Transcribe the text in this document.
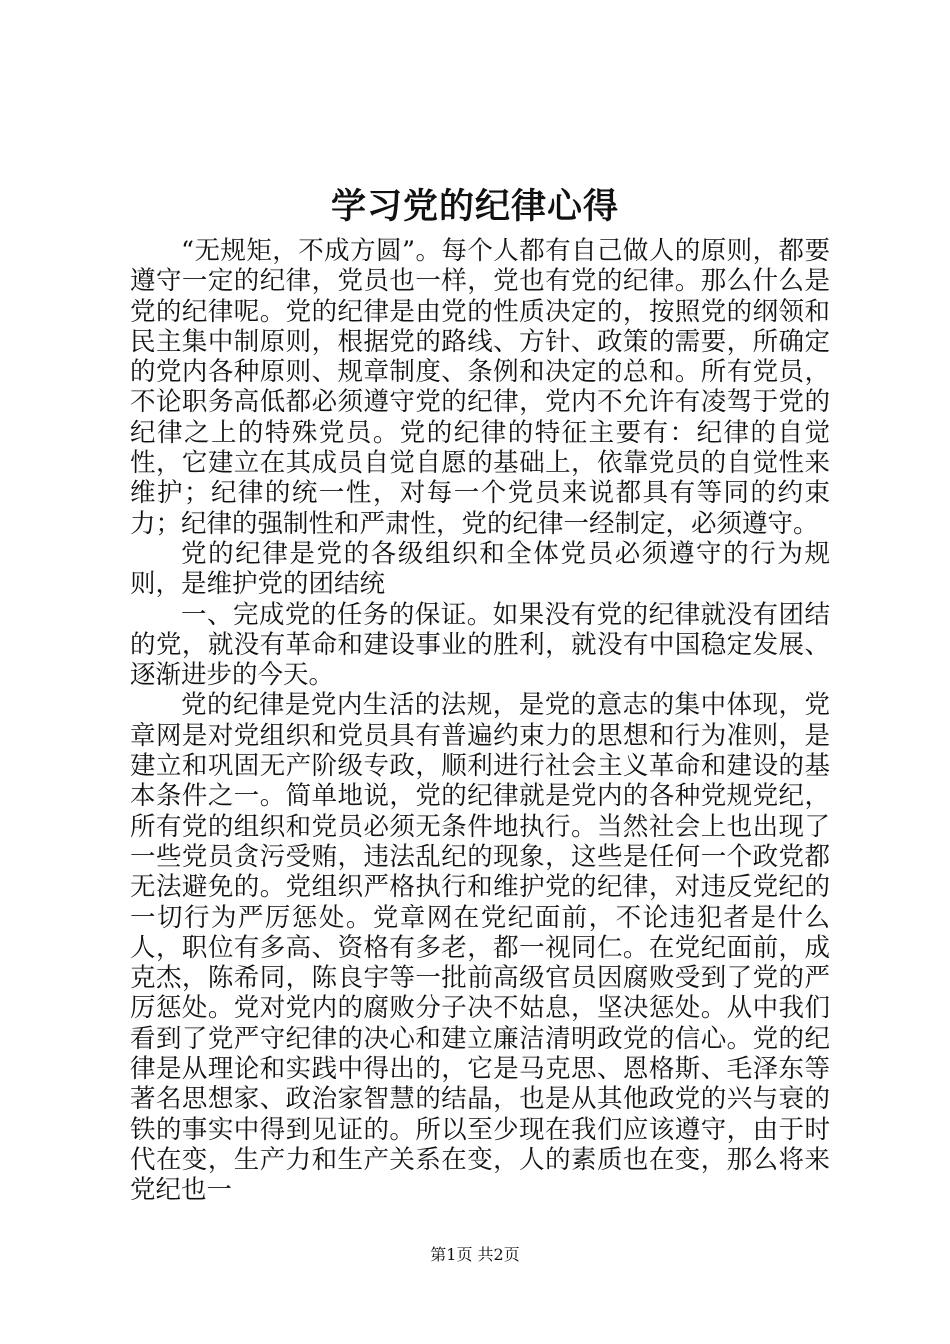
学习党的纪律心得

“无规矩，不成方圆”。每个人都有自己做人的原则，都要遵守一定的纪律，党员也一样，党也有党的纪律。那么什么是党的纪律呢。党的纪律是由党的性质决定的，按照党的纲领和民主集中制原则，根据党的路线、方针、政策的需要，所确定的党内各种原则、规章制度、条例和决定的总和。所有党员，不论职务高低都必须遵守党的纪律，党内不允许有凌驾于党的纪律之上的特殊党员。党的纪律的特征主要有：纪律的自觉性，它建立在其成员自觉自愿的基础上，依靠党员的自觉性来维护；纪律的统一性，对每一个党员来说都具有等同的约束力；纪律的强制性和严肃性，党的纪律一经制定，必须遵守。

党的纪律是党的各级组织和全体党员必须遵守的行为规则，是维护党的团结统

一、完成党的任务的保证。如果没有党的纪律就没有团结的党，就没有革命和建设事业的胜利，就没有中国稳定发展、逐渐进步的今天。

党的纪律是党内生活的法规，是党的意志的集中体现，党章网是对党组织和党员具有普遍约束力的思想和行为准则，是建立和巩固无产阶级专政，顺利进行社会主义革命和建设的基本条件之一。简单地说，党的纪律就是党内的各种党规党纪，所有党的组织和党员必须无条件地执行。当然社会上也出现了一些党员贪污受贿，违法乱纪的现象，这些是任何一个政党都无法避免的。党组织严格执行和维护党的纪律，对违反党纪的一切行为严厉惩处。党章网在党纪面前，不论违犯者是什么人，职位有多高、资格有多老，都一视同仁。在党纪面前，成克杰，陈希同，陈良宇等一批前高级官员因腐败受到了党的严厉惩处。党对党内的腐败分子决不姑息，坚决惩处。从中我们看到了党严守纪律的决心和建立廉洁清明政党的信心。党的纪律是从理论和实践中得出的，它是马克思、恩格斯、毛泽东等著名思想家、政治家智慧的结晶，也是从其他政党的兴与衰的铁的事实中得到见证的。所以至少现在我们应该遵守，由于时代在变，生产力和生产关系在变，人的素质也在变，那么将来党纪也一

第1页 共2页
